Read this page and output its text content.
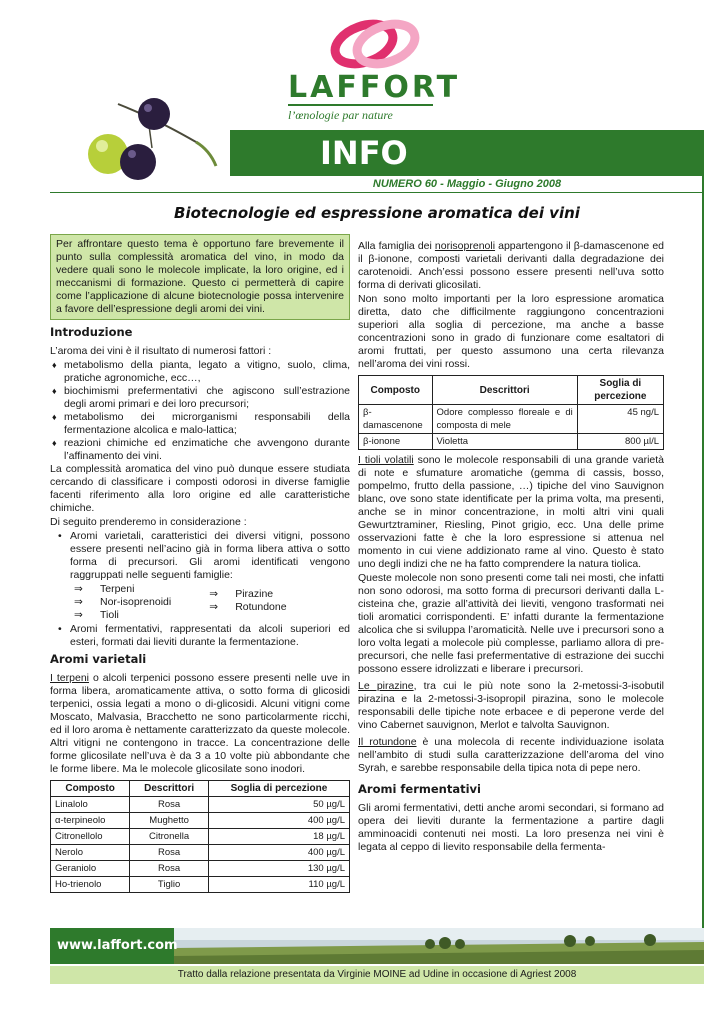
LAFFORT
l’œnologie par nature
INFO
NUMERO 60 - Maggio - Giugno 2008
Biotecnologie ed espressione aromatica dei vini
Per affrontare questo tema è opportuno fare brevemente il punto sulla complessità aromatica del vino, in modo da vedere quali sono le molecole implicate, la loro origine, ed i meccanismi di formazione. Questo ci permetterà di capire come l’applicazione di alcune biotecnologie possa intervenire a favore dell’espressione degli aromi dei vini.
Introduzione
L’aroma dei vini è il risultato di numerosi fattori :
♦ metabolismo della pianta, legato a vitigno, suolo, clima, pratiche agronomiche, ecc…,
♦ biochimismi prefermentativi che agiscono sull’estrazione degli aromi primari e dei loro precursori;
♦ metabolismo dei microrganismi responsabili della fermentazione alcolica e malo-lattica;
♦ reazioni chimiche ed enzimatiche che avvengono durante l’affinamento dei vini.
La complessità aromatica del vino può dunque essere studiata cercando di classificare i composti odorosi in diverse famiglie facenti riferimento alla loro origine ed alle caratteristiche chimiche.
Di seguito prenderemo in considerazione :
• Aromi varietali, caratteristici dei diversi vitigni, possono essere presenti nell’acino già in forma libera attiva o sotto forma di precursori. Gli aromi identificati vengono raggruppati nelle seguenti famiglie:
⇒ Terpeni
⇒ Nor-isoprenoidi
⇒ Tioli
⇒ Pirazine
⇒ Rotundone
• Aromi fermentativi, rappresentati da alcoli superiori ed esteri, formati dai lieviti durante la fermentazione.
Aromi varietali
I terpeni o alcoli terpenici possono essere presenti nelle uve in forma libera, aromaticamente attiva, o sotto forma di glicosidi terpenici, ossia legati a mono o di-glicosidi. Alcuni vitigni come Moscato, Malvasia, Bracchetto ne sono particolarmente ricchi, ed il loro aroma è nettamente caratterizzato da queste molecole. Altri vitigni ne contengono in tracce. La concentrazione delle forme glicosilate nell’uva è da 3 a 10 volte più abbondante che le forme libere. Ma le molecole glicosilate sono inodori.
Composto	Descrittori	Soglia di percezione
Linalolo	Rosa	50 µg/L
α-terpineolo	Mughetto	400 µg/L
Citronellolo	Citronella	18 µg/L
Nerolo	Rosa	400 µg/L
Geraniolo	Rosa	130 µg/L
Ho-trienolo	Tiglio	110 µg/L
Alla famiglia dei norisoprenoli appartengono il β-damascenone ed il β-ionone, composti varietali derivanti dalla degradazione dei carotenoidi. Anch’essi possono essere presenti nell’uva sotto forma di derivati glicosilati.
Non sono molto importanti per la loro espressione aromatica diretta, dato che difficilmente raggiungono concentrazioni superiori alla soglia di percezione, ma anche a basse concentrazioni sono in grado di funzionare come esaltatori di aromi fruttati, per questo assumono una certa rilevanza nell’aroma dei vini rossi.
Composto	Descrittori	Soglia di percezione
β-damascenone	Odore complesso floreale e di composta di mele	45 ng/L
β-ionone	Violetta	800 µl/L
I tioli volatili sono le molecole responsabili di una grande varietà di note e sfumature aromatiche (gemma di cassis, bosso, pompelmo, frutto della passione, …) tipiche del vino Sauvignon blanc, ove sono state identificate per la prima volta, ma presenti, anche se in minor concentrazione, in molti altri vini quali Gewurtztraminer, Riesling, Pinot grigio, ecc. Una delle prime osservazioni fatte è che la loro espressione si attenua nel momento in cui viene addizionato rame al vino. Questo è stato uno degli indizi che ne ha fatto comprendere la natura tiolica.
Queste molecole non sono presenti come tali nei mosti, che infatti non sono odorosi, ma sotto forma di precursori derivanti dalla L-cisteina che, grazie all’attività dei lieviti, vengono trasformati nei tioli aromatici corrispondenti. E’ infatti durante la fermentazione alcolica che si sviluppa l’aromaticità. Nelle uve i precursori sono a loro volta legati a molecole più complesse, parliamo allora di pre-precursori, che nelle fasi prefermentative di estrazione dei succhi possono essere idrolizzati e liberare i precursori.
Le pirazine, tra cui le più note sono la 2-metossi-3-isobutil pirazina e la 2-metossi-3-isopropil pirazina, sono le molecole responsabili delle tipiche note erbacee e di peperone verde del vino Cabernet sauvignon, Merlot e talvolta Sauvignon.
Il rotundone è una molecola di recente individuazione isolata nell’ambito di studi sulla caratterizzazione dell’aroma del vino Syrah, e sarebbe responsabile della tipica nota di pepe nero.
Aromi fermentativi
Gli aromi fermentativi, detti anche aromi secondari, si formano ad opera dei lieviti durante la fermentazione a partire dagli amminoacidi contenuti nei mosti. La loro presenza nei vini è legata al ceppo di lievito responsabile della fermenta-
www.laffort.com
Tratto dalla relazione presentata da Virginie MOINE ad Udine in occasione di Agriest 2008
